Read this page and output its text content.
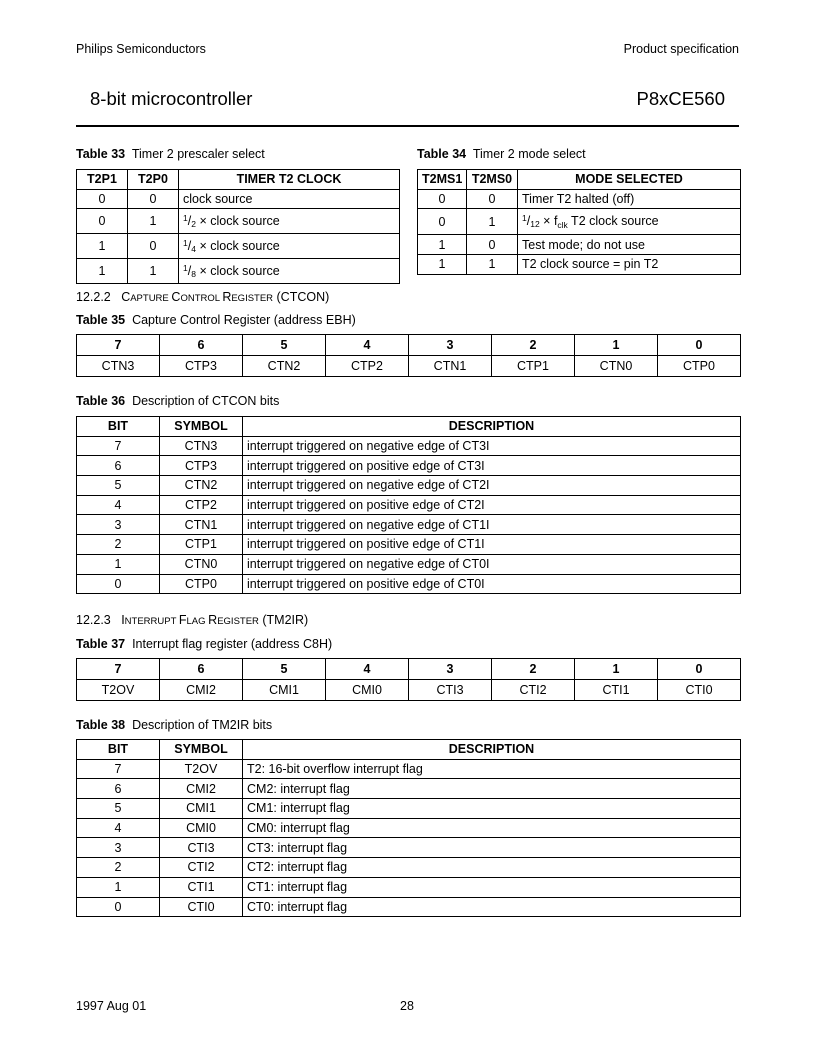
Philips Semiconductors	Product specification
8-bit microcontroller	P8xCE560
Table 33 Timer 2 prescaler select
T2P1	T2P0	TIMER T2 CLOCK
0	0	clock source
0	1	$^1/_2$ × clock source
1	0	$^1/_4$ × clock source
1	1	$^1/_8$ × clock source
Table 34 Timer 2 mode select
T2MS1	T2MS0	MODE SELECTED
0	0	Timer T2 halted (off)
0	1	$^1/_{12} \times f_{clk}$ T2 clock source
1	0	Test mode; do not use
1	1	T2 clock source = pin T2
12.2.2 CAPTURE CONTROL REGISTER (CTCON)
Table 35 Capture Control Register (address EBH)
7	6	5	4	3	2	1	0
CTN3	CTP3	CTN2	CTP2	CTN1	CTP1	CTN0	CTP0
Table 36 Description of CTCON bits
BIT	SYMBOL	DESCRIPTION
7	CTN3	interrupt triggered on negative edge of CT3I
6	CTP3	interrupt triggered on positive edge of CT3I
5	CTN2	interrupt triggered on negative edge of CT2I
4	CTP2	interrupt triggered on positive edge of CT2I
3	CTN1	interrupt triggered on negative edge of CT1I
2	CTP1	interrupt triggered on positive edge of CT1I
1	CTN0	interrupt triggered on negative edge of CT0I
0	CTP0	interrupt triggered on positive edge of CT0I
12.2.3 INTERRUPT FLAG REGISTER (TM2IR)
Table 37 Interrupt flag register (address C8H)
7	6	5	4	3	2	1	0
T2OV	CMI2	CMI1	CMI0	CTI3	CTI2	CTI1	CTI0
Table 38 Description of TM2IR bits
BIT	SYMBOL	DESCRIPTION
7	T2OV	T2: 16-bit overflow interrupt flag
6	CMI2	CM2: interrupt flag
5	CMI1	CM1: interrupt flag
4	CMI0	CM0: interrupt flag
3	CTI3	CT3: interrupt flag
2	CTI2	CT2: interrupt flag
1	CTI1	CT1: interrupt flag
0	CTI0	CT0: interrupt flag
1997 Aug 01	28
